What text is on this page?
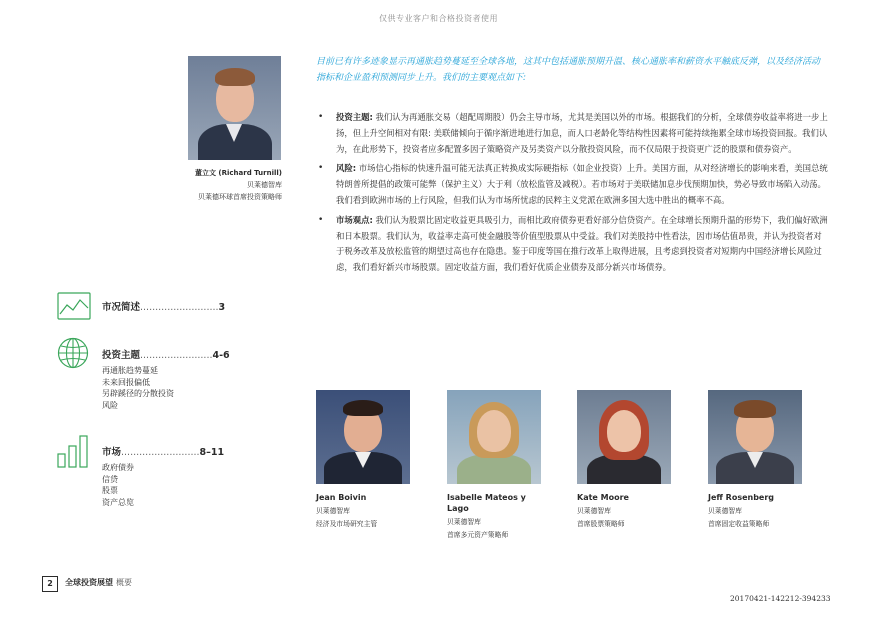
仅供专业客户和合格投资者使用
董立文 (Richard Turnill)
贝莱德智库
贝莱德环球首席投资策略师
目前已有许多迹象显示再通胀趋势蔓延至全球各地，这其中包括通胀预期升温、核心通胀率和薪资水平触底反弹，以及经济活动指标和企业盈利预测同步上升。我们的主要观点如下:
• 投资主题: 我们认为再通胀交易（超配周期股）仍会主导市场，尤其是美国以外的市场。根据我们的分析，全球债券收益率将进一步上扬，但上升空间相对有限: 美联储倾向于循序渐进地进行加息，而人口老龄化等结构性因素将可能持续拖累全球市场投资回报。我们认为，在此形势下，投资者应多配置多因子策略资产及另类资产以分散投资风险，而不仅局限于投资更广泛的股票和债券资产。
• 风险: 市场信心指标的快速升温可能无法真正转换成实际硬指标（如企业投资）上升。美国方面，从对经济增长的影响来看，美国总统特朗普所提倡的政策可能弊（保护主义）大于利（放松监管及减税）。若市场对于美联储加息步伐预期加快，势必导致市场陷入动荡。我们看到欧洲市场的上行风险，但我们认为市场所忧虑的民粹主义党派在欧洲多国大选中胜出的概率不高。
• 市场观点: 我们认为股票比固定收益更具吸引力，而相比政府债券更看好部分信贷资产。在全球增长预期升温的形势下，我们偏好欧洲和日本股票。我们认为，收益率走高可使金融股等价值型股票从中受益。我们对美股持中性看法，因市场估值昂贵，并认为投资者对于税务改革及放松监管的期望过高也存在隐患。鉴于印度等国在推行改革上取得进展，且考虑到投资者对短期内中国经济增长风险过虑，我们看好新兴市场股票。固定收益方面，我们看好优质企业债券及部分新兴市场债券。
市况简述..........................3
投资主题........................4-6
再通胀趋势蔓延
未来回报偏低
另辟蹊径的分散投资
风险
市场..........................8–11
政府债券
信贷
股票
资产总览	Jean Boivin
贝莱德智库
经济及市场研究主管
Isabelle Mateos y Lago
贝莱德智库
首席多元资产策略师
Kate Moore
贝莱德智库
首席股票策略师
Jeff Rosenberg
贝莱德智库
首席固定收益策略师
2	全球投资展望 概要
20170421-142212-394233
